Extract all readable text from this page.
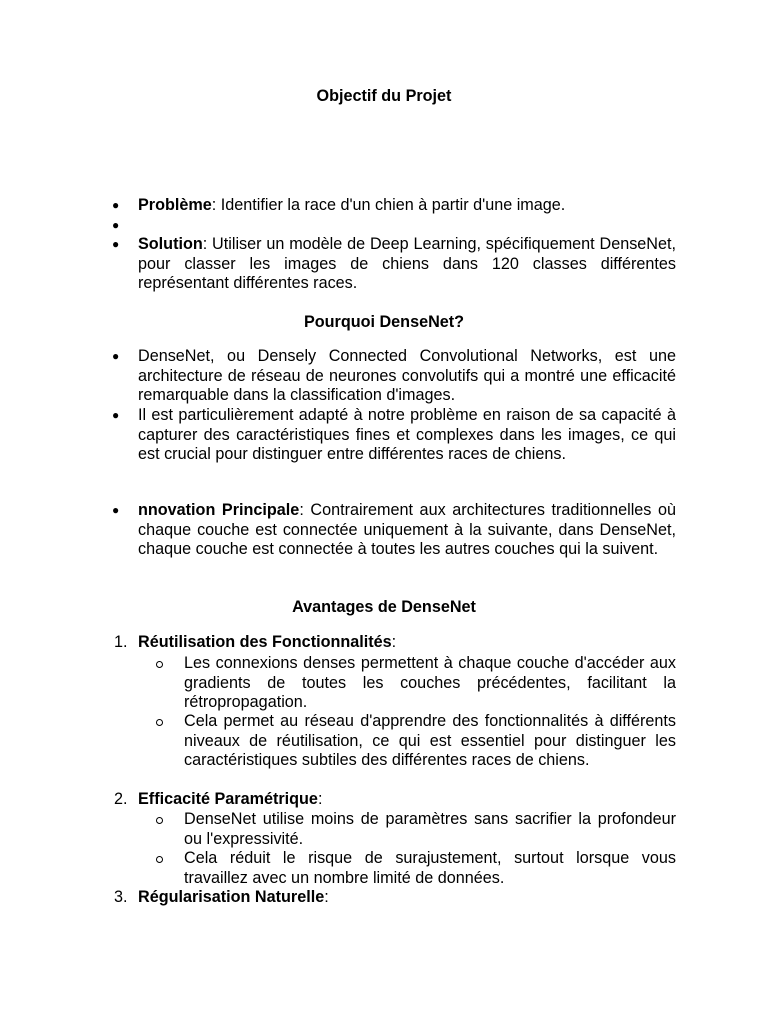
Objectif du Projet

● Problème: Identifier la race d'un chien à partir d'une image.

●

● Solution: Utiliser un modèle de Deep Learning, spécifiquement DenseNet, pour classer les images de chiens dans 120 classes différentes représentant différentes races.

Pourquoi DenseNet?

● DenseNet, ou Densely Connected Convolutional Networks, est une architecture de réseau de neurones convolutifs qui a montré une efficacité remarquable dans la classification d'images.

● Il est particulièrement adapté à notre problème en raison de sa capacité à capturer des caractéristiques fines et complexes dans les images, ce qui est crucial pour distinguer entre différentes races de chiens.

● nnovation Principale: Contrairement aux architectures traditionnelles où chaque couche est connectée uniquement à la suivante, dans DenseNet, chaque couche est connectée à toutes les autres couches qui la suivent.

Avantages de DenseNet

1. Réutilisation des Fonctionnalités:

Les connexions denses permettent à chaque couche d'accéder aux gradients de toutes les couches précédentes, facilitant la rétropropagation.

Cela permet au réseau d'apprendre des fonctionnalités à différents niveaux de réutilisation, ce qui est essentiel pour distinguer les caractéristiques subtiles des différentes races de chiens.

2. Efficacité Paramétrique:

DenseNet utilise moins de paramètres sans sacrifier la profondeur ou l'expressivité.

Cela réduit le risque de surajustement, surtout lorsque vous travaillez avec un nombre limité de données.

3. Régularisation Naturelle:
